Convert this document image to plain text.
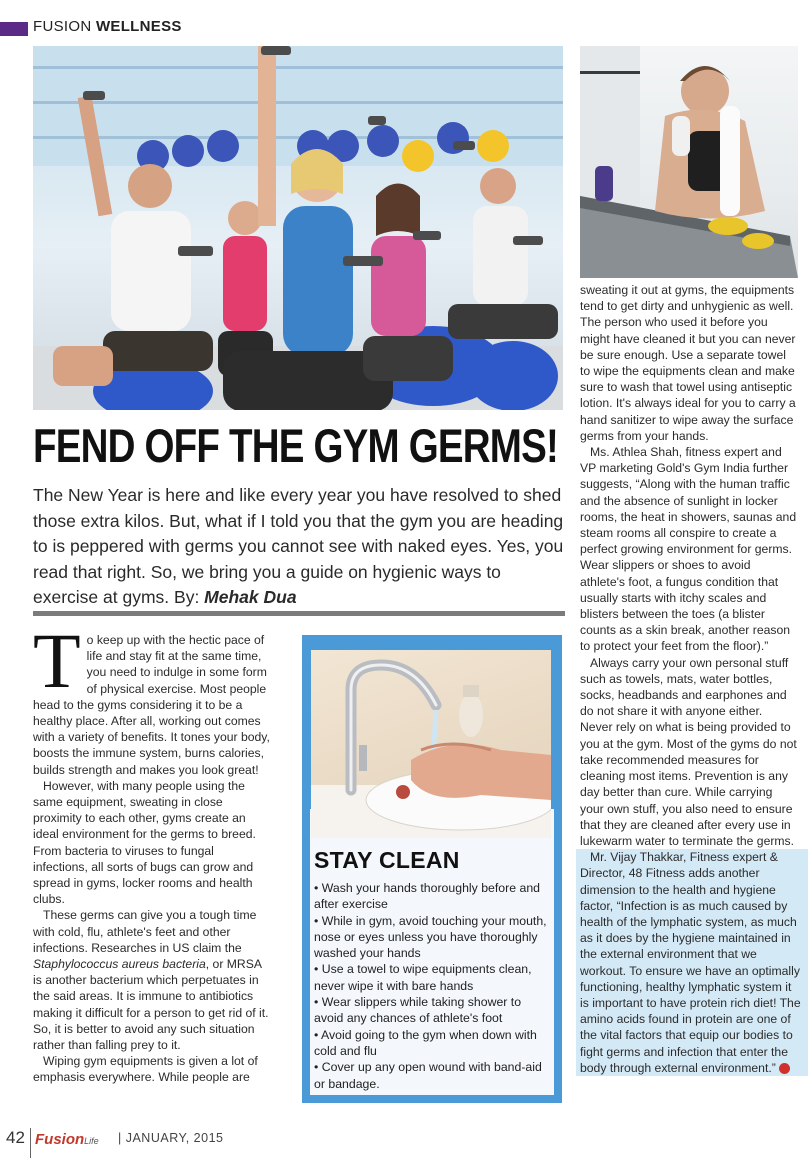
FUSION WELLNESS
FEND OFF THE GYM GERMS!

The New Year is here and like every year you have resolved to shed those extra kilos. But, what if I told you that the gym you are heading to is peppered with germs you cannot see with naked eyes. Yes, you read that right. So, we bring you a guide on hygienic ways to exercise at gyms. By: Mehak Dua

T o keep up with the hectic pace of life and stay fit at the same time, you need to indulge in some form of physical exercise. Most people head to the gyms considering it to be a healthy place. After all, working out comes with a variety of benefits. It tones your body, boosts the immune system, burns calories, builds strength and makes you look great!

However, with many people using the same equipment, sweating in close proximity to each other, gyms create an ideal environment for the germs to breed. From bacteria to viruses to fungal infections, all sorts of bugs can grow and spread in gyms, locker rooms and health clubs.

These germs can give you a tough time with cold, flu, athlete's feet and other infections. Researches in US claim the Staphylococcus aureus bacteria, or MRSA is another bacterium which perpetuates in the said areas. It is immune to antibiotics making it difficult for a person to get rid of it. So, it is better to avoid any such situation rather than falling prey to it.

Wiping gym equipments is given a lot of emphasis everywhere. While people are

STAY CLEAN
• Wash your hands thoroughly before and after exercise
• While in gym, avoid touching your mouth, nose or eyes unless you have thoroughly washed your hands
• Use a towel to wipe equipments clean, never wipe it with bare hands
• Wear slippers while taking shower to avoid any chances of athlete's foot
• Avoid going to the gym when down with cold and flu
• Cover up any open wound with band-aid or bandage.

sweating it out at gyms, the equipments tend to get dirty and unhygienic as well. The person who used it before you might have cleaned it but you can never be sure enough. Use a separate towel to wipe the equipments clean and make sure to wash that towel using antiseptic lotion. It's always ideal for you to carry a hand sanitizer to wipe away the surface germs from your hands.

Ms. Athlea Shah, fitness expert and VP marketing Gold's Gym India further suggests, “Along with the human traffic and the absence of sunlight in locker rooms, the heat in showers, saunas and steam rooms all conspire to create a perfect growing environment for germs. Wear slippers or shoes to avoid athlete's foot, a fungus condition that usually starts with itchy scales and blisters between the toes (a blister counts as a skin break, another reason to protect your feet from the floor).”

Always carry your own personal stuff such as towels, mats, water bottles, socks, headbands and earphones and do not share it with anyone either. Never rely on what is being provided to you at the gym. Most of the gyms do not take recommended measures for cleaning most items. Prevention is any day better than cure. While carrying your own stuff, you also need to ensure that they are cleaned after every use in lukewarm water to terminate the germs.

Mr. Vijay Thakkar, Fitness expert & Director, 48 Fitness adds another dimension to the health and hygiene factor, “Infection is as much caused by health of the lymphatic system, as much as it does by the hygiene maintained in the external environment that we workout. To ensure we have an optimally functioning, healthy lymphatic system it is important to have protein rich diet! The amino acids found in protein are one of the vital factors that equip our bodies to fight germs and infection that enter the body through external environment.”

42 FusionLife | JANUARY, 2015
